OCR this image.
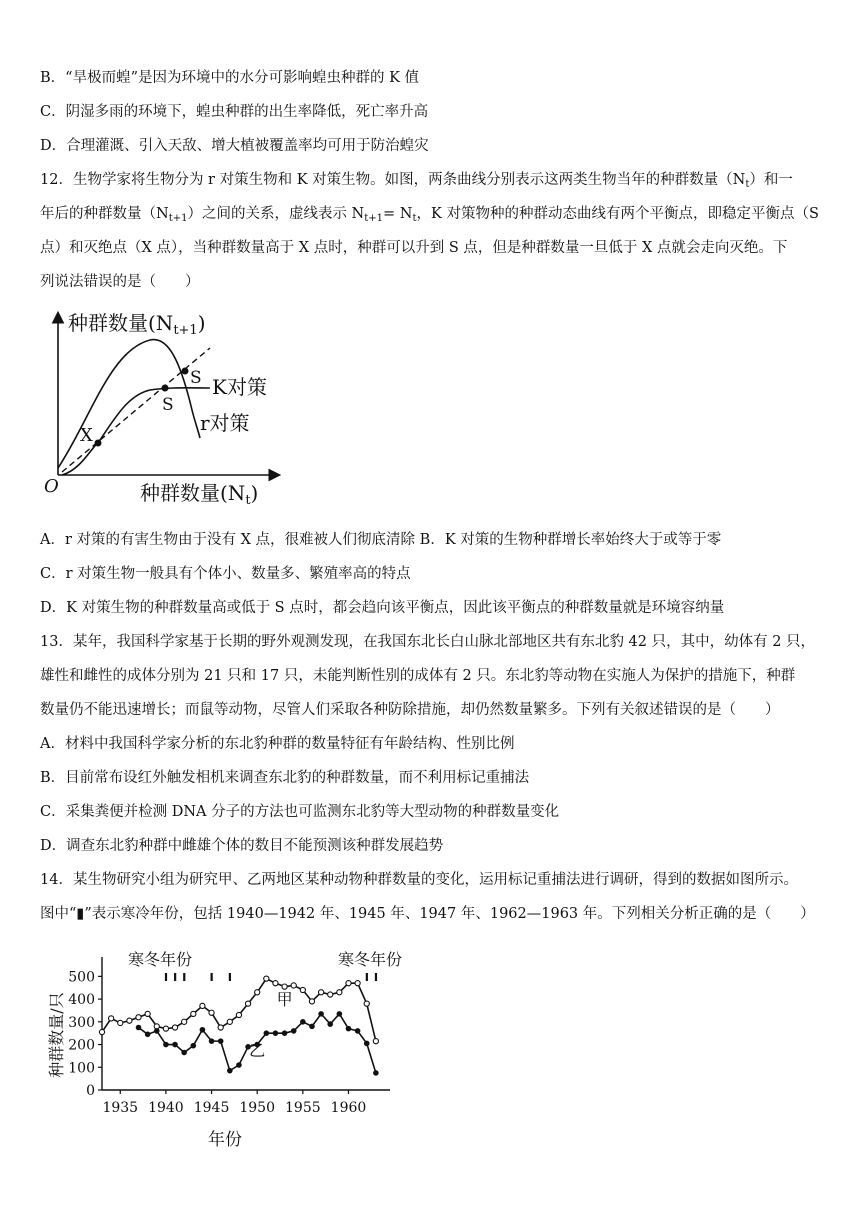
B．“旱极而蝗”是因为环境中的水分可影响蝗虫种群的 K 值
C．阴湿多雨的环境下，蝗虫种群的出生率降低，死亡率升高
D．合理灌溉、引入天敌、增大植被覆盖率均可用于防治蝗灾
12．生物学家将生物分为 r 对策生物和 K 对策生物。如图，两条曲线分别表示这两类生物当年的种群数量$(N_t)$和一
年后的种群数量$(N_{t+1})$之间的关系，虚线表示 $N_{t+1}= N_t$，K 对策物种的种群动态曲线有两个平衡点，即稳定平衡点（S
点）和灭绝点（X 点），当种群数量高于 X 点时，种群可以升到 S 点，但是种群数量一旦低于 X 点就会走向灭绝。下
列说法错误的是（　　）
种群数量$(N_{t+1})$
种群数量$(N_t)$
O
X
S
S K对策
r对策
A．r 对策的有害生物由于没有 X 点，很难被人们彻底清除 B．K 对策的生物种群增长率始终大于或等于零
C．r 对策生物一般具有个体小、数量多、繁殖率高的特点
D．K 对策生物的种群数量高或低于 S 点时，都会趋向该平衡点，因此该平衡点的种群数量就是环境容纳量
13．某年，我国科学家基于长期的野外观测发现，在我国东北长白山脉北部地区共有东北豹 42 只，其中，幼体有 2 只，
雄性和雌性的成体分别为 21 只和 17 只，未能判断性别的成体有 2 只。东北豹等动物在实施人为保护的措施下，种群
数量仍不能迅速增长；而鼠等动物，尽管人们采取各种防除措施，却仍然数量繁多。下列有关叙述错误的是（　　）
A．材料中我国科学家分析的东北豹种群的数量特征有年龄结构、性别比例
B．目前常布设红外触发相机来调查东北豹的种群数量，而不利用标记重捕法
C．采集粪便并检测 DNA 分子的方法也可监测东北豹等大型动物的种群数量变化
D．调查东北豹种群中雌雄个体的数目不能预测该种群发展趋势
14．某生物研究小组为研究甲、乙两地区某种动物种群数量的变化，运用标记重捕法进行调研，得到的数据如图所示。
图中“▮”表示寒冷年份，包括 1940—1942 年、1945 年、1947 年、1962—1963 年。下列相关分析正确的是（　　）
种群数量/只
年份
寒冬年份	寒冬年份
0
100
200
300
400
500
1935 1940 1945 1950 1955 1960
甲
乙
